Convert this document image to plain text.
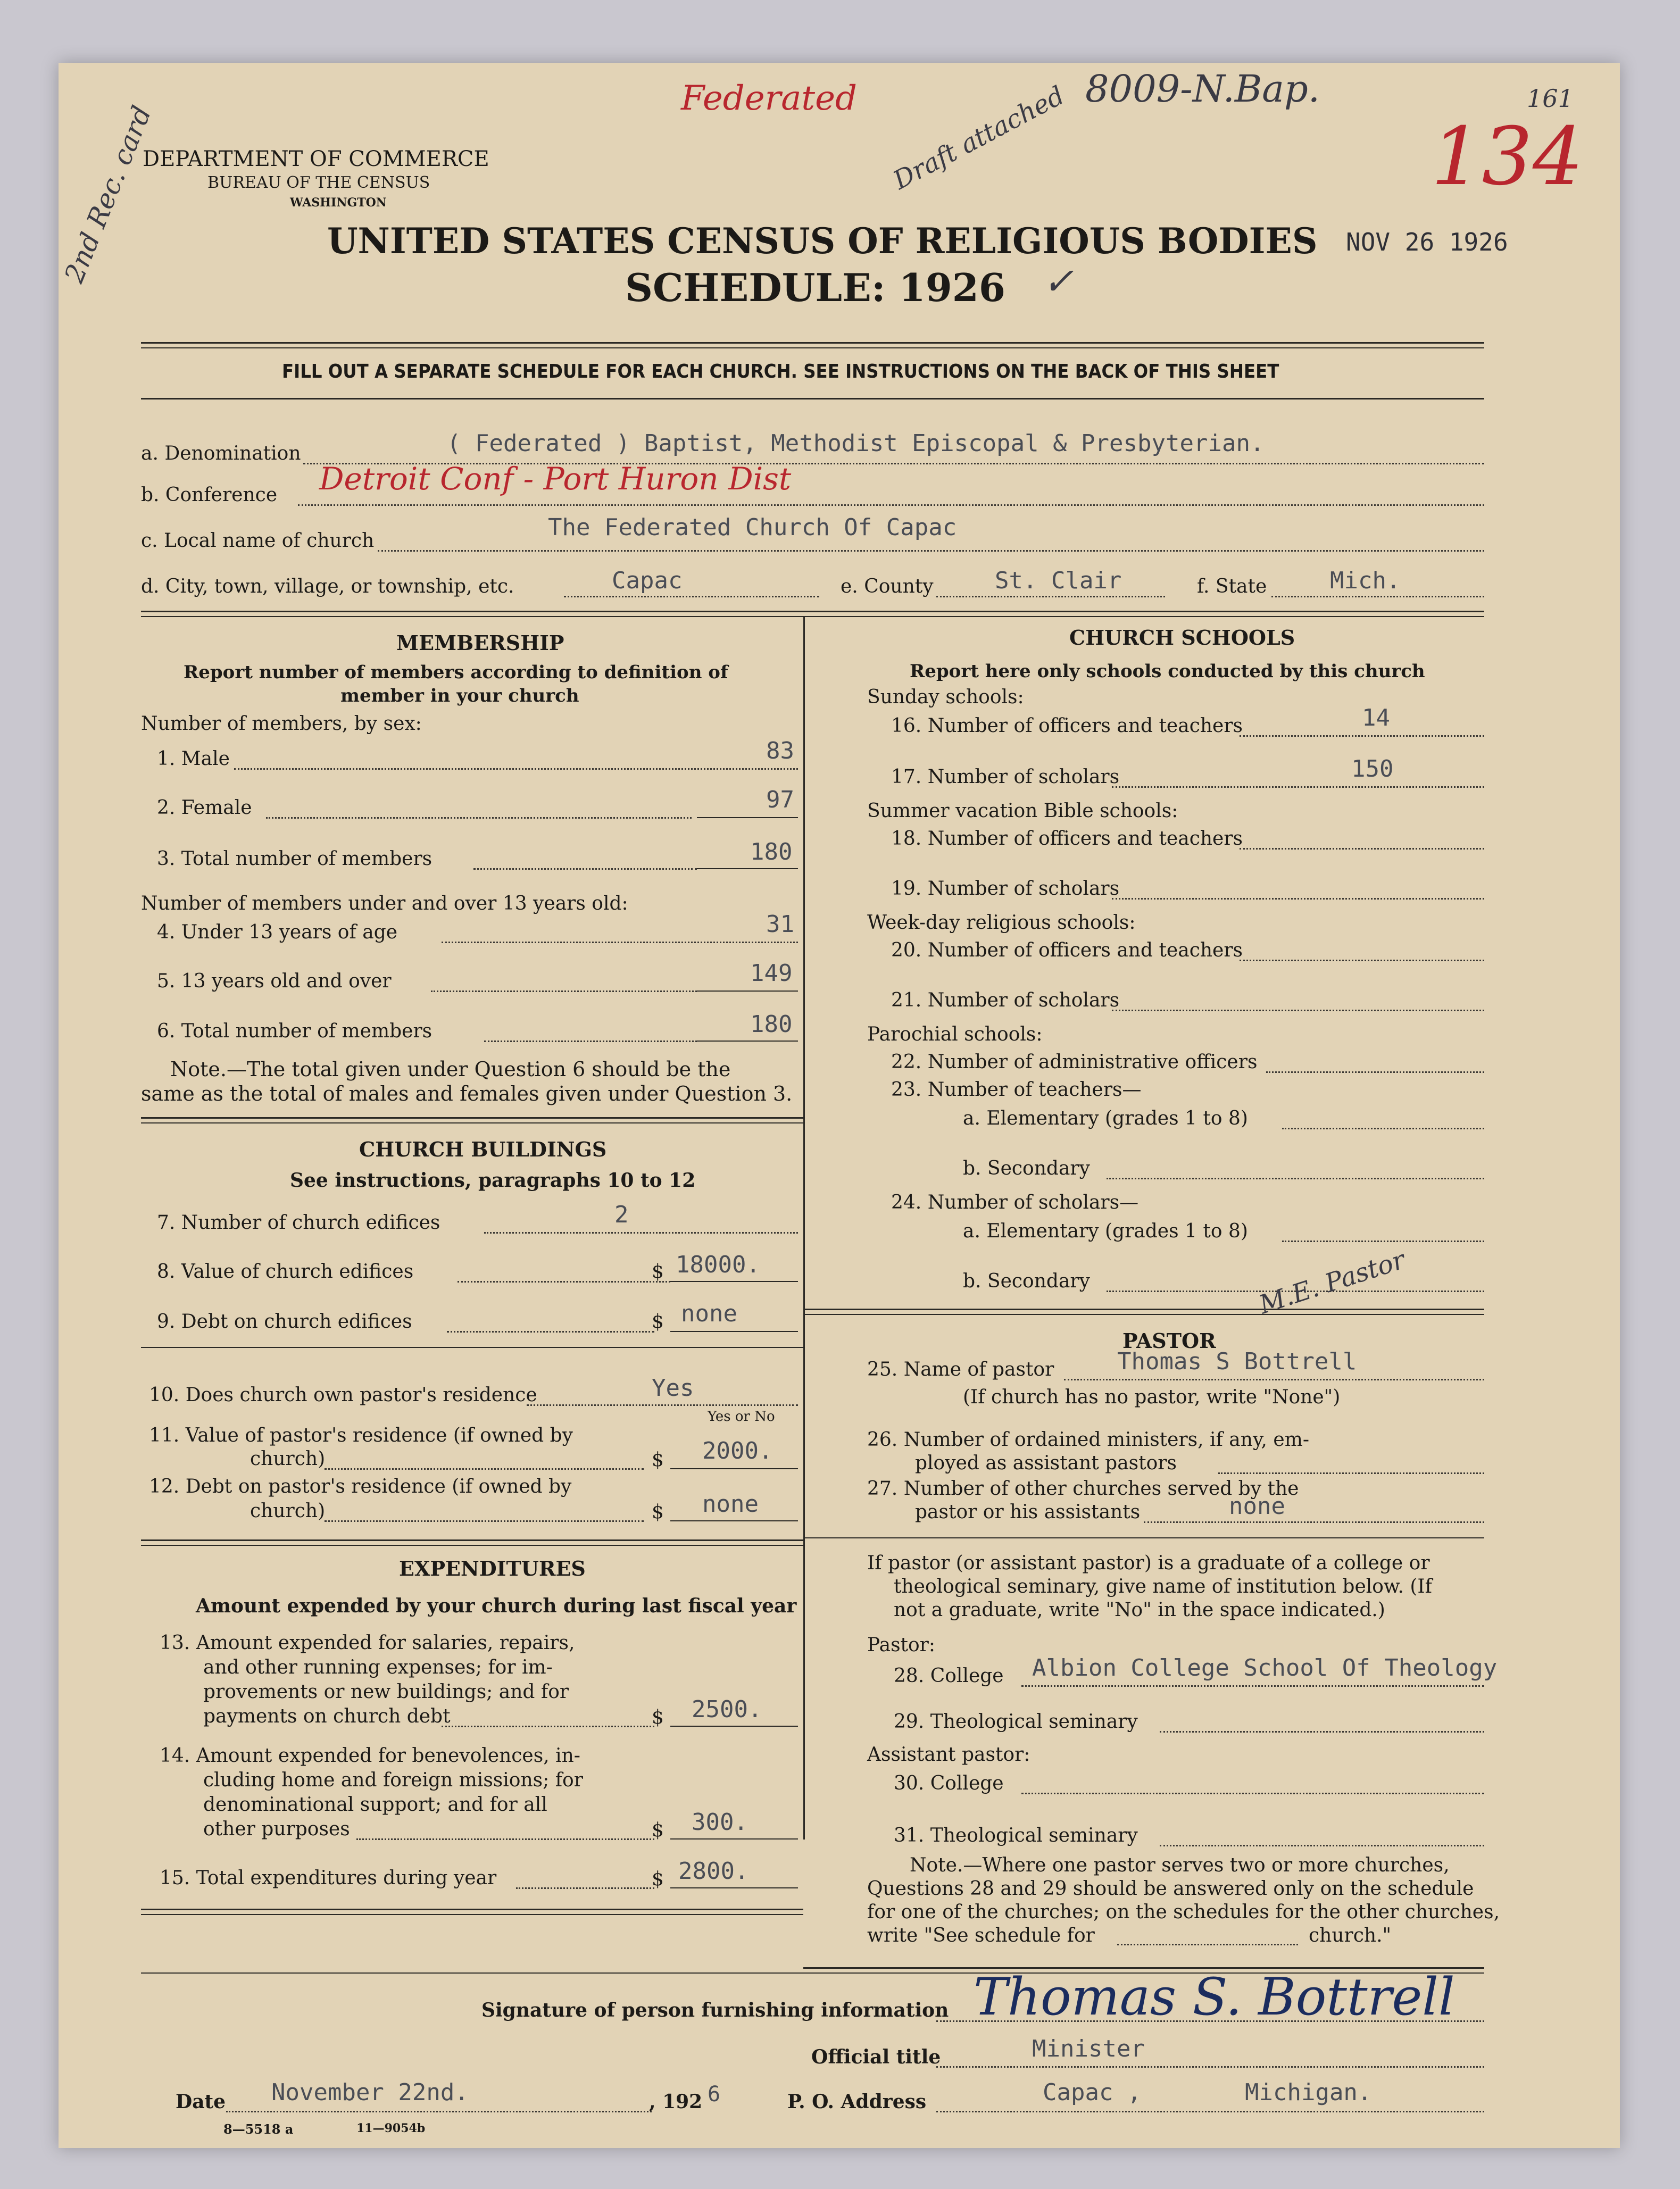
Federated	8009-N.Bap.	161
134
2nd Rec. card	Draft attached
NOV 26 1926
DEPARTMENT OF COMMERCE
BUREAU OF THE CENSUS
WASHINGTON
UNITED STATES CENSUS OF RELIGIOUS BODIES
SCHEDULE: 1926 ✓
FILL OUT A SEPARATE SCHEDULE FOR EACH CHURCH. SEE INSTRUCTIONS ON THE BACK OF THIS SHEET
a. Denomination	( Federated ) Baptist, Methodist Episcopal & Presbyterian.
b. Conference Detroit Conf - Port Huron Dist
c. Local name of church	The Federated Church Of Capac
d. City, town, village, or township, etc.	Capac	e. County	St. Clair	f. State	Mich.
MEMBERSHIP
Report number of members according to definition of
member in your church
Number of members, by sex:
1. Male	83
2. Female	97
3. Total number of members	180
Number of members under and over 13 years old:
4. Under 13 years of age	31
5. 13 years old and over	149
6. Total number of members	180
Note.—The total given under Question 6 should be the
same as the total of males and females given under Question 3.
CHURCH BUILDINGS
See instructions, paragraphs 10 to 12
7. Number of church edifices	2
8. Value of church edifices	$ 18000.
9. Debt on church edifices	$ none
10. Does church own pastor's residence	Yes
Yes or No
11. Value of pastor's residence (if owned by
church)	$ 2000.
12. Debt on pastor's residence (if owned by
church)	$ none
EXPENDITURES
Amount expended by your church during last fiscal year
13. Amount expended for salaries, repairs,
and other running expenses; for im-
provements or new buildings; and for
payments on church debt	$ 2500.
14. Amount expended for benevolences, in-
cluding home and foreign missions; for
denominational support; and for all
other purposes	$ 300.
15. Total expenditures during year	$ 2800.
CHURCH SCHOOLS
Report here only schools conducted by this church
Sunday schools:
16. Number of officers and teachers	14
17. Number of scholars	150
Summer vacation Bible schools:
18. Number of officers and teachers
19. Number of scholars
Week-day religious schools:
20. Number of officers and teachers
21. Number of scholars
Parochial schools:
22. Number of administrative officers
23. Number of teachers—
a. Elementary (grades 1 to 8)
b. Secondary
24. Number of scholars—
a. Elementary (grades 1 to 8)
b. Secondary
PASTOR
M.E. Pastor
25. Name of pastor	Thomas S Bottrell
(If church has no pastor, write "None")
26. Number of ordained ministers, if any, em-
ployed as assistant pastors
27. Number of other churches served by the
pastor or his assistants	none
If pastor (or assistant pastor) is a graduate of a college or
theological seminary, give name of institution below. (If
not a graduate, write "No" in the space indicated.)
Pastor:
28. College Albion College School Of Theology
29. Theological seminary
Assistant pastor:
30. College
31. Theological seminary
Note.—Where one pastor serves two or more churches,
Questions 28 and 29 should be answered only on the schedule
for one of the churches; on the schedules for the other churches,
write "See schedule for	church."
Signature of person furnishing information Thomas S. Bottrell
Official title	Minister
Date November 22nd.	, 192 6	P. O. Address	Capac ,	Michigan.
8—5518 a	11—9054b
